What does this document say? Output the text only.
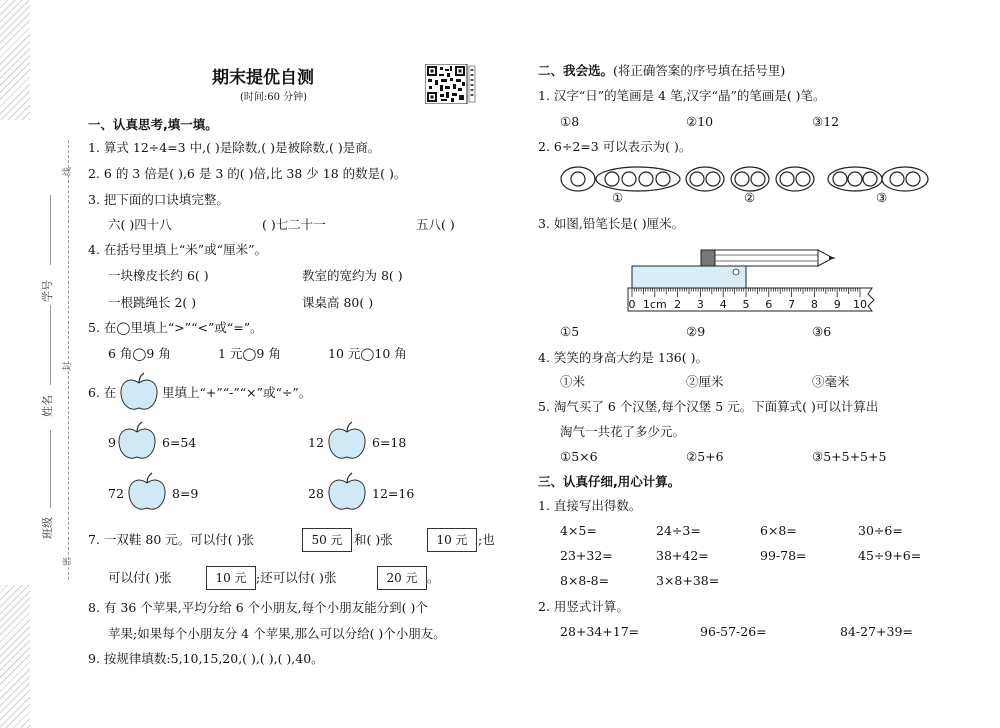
线
封
密
学号
姓名
班级
期末提优自测
(时间:60 分钟)
一、认真思考,填一填。
1. 算式 12÷4=3 中,( )是除数,( )是被除数,( )是商。
2. 6 的 3 倍是( ),6 是 3 的( )倍,比 38 少 18 的数是( )。
3. 把下面的口诀填完整。
六( )四十八	( )七二十一	五八( )
4. 在括号里填上“米”或“厘米”。
一块橡皮长约 6( )	教室的宽约为 8( )
一根跳绳长 2( )	课桌高 80( )
5. 在◯里填上“>”“<”或“=”。
6 角◯9 角	1 元◯9 角	10 元◯10 角
6. 在	里填上“+”“-”“×”或“÷”。
9	6=54	12	6=18
72	8=9	28	12=16
7. 一双鞋 80 元。可以付( )张	50 元 和( )张	10 元 ;也
可以付( )张	10 元 ;还可以付( )张	20 元 。
8. 有 36 个苹果,平均分给 6 个小朋友,每个小朋友能分到( )个
苹果;如果每个小朋友分 4 个苹果,那么可以分给( )个小朋友。
9. 按规律填数:5,10,15,20,( ),( ),( ),40。
二、我会选。(将正确答案的序号填在括号里)
1. 汉字“日”的笔画是 4 笔,汉字“晶”的笔画是( )笔。
①8	②10	③12
2. 6÷2=3 可以表示为( )。
①	②	③
3. 如图,铅笔长是( )厘米。
0 1cm 2 3 4 5 6 7 8 9 10
①5	②9	③6
4. 笑笑的身高大约是 136( )。
①米	②厘米	③毫米
5. 淘气买了 6 个汉堡,每个汉堡 5 元。下面算式( )可以计算出
淘气一共花了多少元。
①5×6	②5+6	③5+5+5+5
三、认真仔细,用心计算。
1. 直接写出得数。
4×5=	24÷3=	6×8=	30÷6=
23+32=	38+42=	99-78=	45÷9+6=
8×8-8=	3×8+38=
2. 用竖式计算。
28+34+17=	96-57-26=	84-27+39=
